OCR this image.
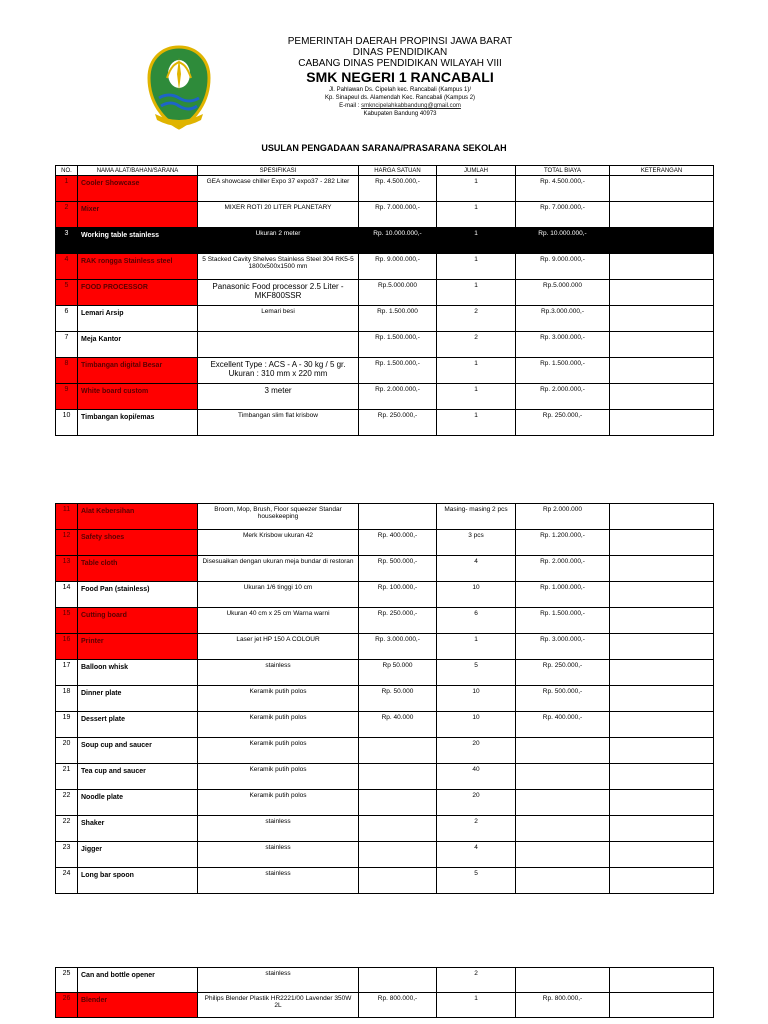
PEMERINTAH DAERAH PROPINSI JAWA BARAT
DINAS PENDIDIKAN
CABANG DINAS PENDIDIKAN WILAYAH VIII
SMK NEGERI 1 RANCABALI
Jl. Pahlawan Ds. Cipelah kec. Rancabali (Kampus 1)/
Kp. Sinapeul ds. Alamendah Kec. Rancabali (Kampus 2)
E-mail : smkncipelahkabbandung@gmail.com
Kabupaten Bandung 40973
USULAN PENGADAAN SARANA/PRASARANA SEKOLAH
NO.	NAMA ALAT/BAHAN/SARANA	SPESIFIKASI	HARGA SATUAN	JUMLAH	TOTAL BIAYA	KETERANGAN
1	Cooler Showcase	GEA showcase chiller Expo 37 expo37 - 282 Liter	Rp. 4.500.000,-	1	Rp. 4.500.000,-	
2	Mixer	MIXER ROTI 20 LITER PLANETARY	Rp. 7.000.000,-	1	Rp. 7.000.000,-	
3	Working table stainless	Ukuran 2 meter	Rp. 10.000.000,-	1	Rp. 10.000.000,-	
4	RAK rongga Stainless steel	5 Stacked Cavity Shelves Stainless Steel 304 RK5-5 1800x500x1500 mm	Rp. 9.000.000,-	1	Rp. 9.000.000,-	
5	FOOD PROCESSOR	Panasonic Food processor 2.5 Liter - MKF800SSR	Rp.5.000.000	1	Rp.5.000.000	
6	Lemari Arsip	Lemari besi	Rp. 1.500.000	2	Rp.3.000.000,-	
7	Meja Kantor		Rp. 1.500.000,-	2	Rp. 3.000.000,-	
8	Timbangan digital Besar	Excellent Type : ACS - A - 30 kg / 5 gr. Ukuran : 310 mm x 220 mm	Rp. 1.500.000,-	1	Rp. 1.500.000,-	
9	White board custom	3 meter	Rp. 2.000.000,-	1	Rp. 2.000.000,-	
10	Timbangan kopi/emas	Timbangan slim flat krisbow	Rp. 250.000,-	1	Rp. 250.000,-	
11	Alat Kebersihan	Broom, Mop, Brush, Floor squeezer Standar housekeeping		Masing- masing 2 pcs	Rp 2.000.000	
12	Safety shoes	Merk Krisbow ukuran 42	Rp. 400.000,-	3 pcs	Rp. 1.200.000,-	
13	Table cloth	Disesuaikan dengan ukuran meja bundar di restoran	Rp. 500.000,-	4	Rp. 2.000.000,-	
14	Food Pan (stainless)	Ukuran 1/6 tinggi 10 cm	Rp. 100.000,-	10	Rp. 1.000.000,-	
15	Cutting board	Ukuran 40 cm x 25 cm Warna warni	Rp. 250.000,-	6	Rp. 1.500.000,-	
16	Printer	Laser jet HP 150 A COLOUR	Rp. 3.000.000,-	1	Rp. 3.000.000,-	
17	Balloon whisk	stainless	Rp 50.000	5	Rp. 250.000,-	
18	Dinner plate	Keramik putih polos	Rp. 50.000	10	Rp. 500.000,-	
19	Dessert plate	Keramik putih polos	Rp. 40.000	10	Rp. 400.000,-	
20	Soup cup and saucer	Keramik putih polos		20		
21	Tea cup and saucer	Keramik putih polos		40		
22	Noodle plate	Keramik putih polos		20		
22	Shaker	stainless		2		
23	Jigger	stainless		4		
24	Long bar spoon	stainless		5		
25	Can and bottle opener	stainless		2		
26	Blender	Philips Blender Plastik HR2221/00 Lavender 350W 2L	Rp. 800.000,-	1	Rp. 800.000,-	
